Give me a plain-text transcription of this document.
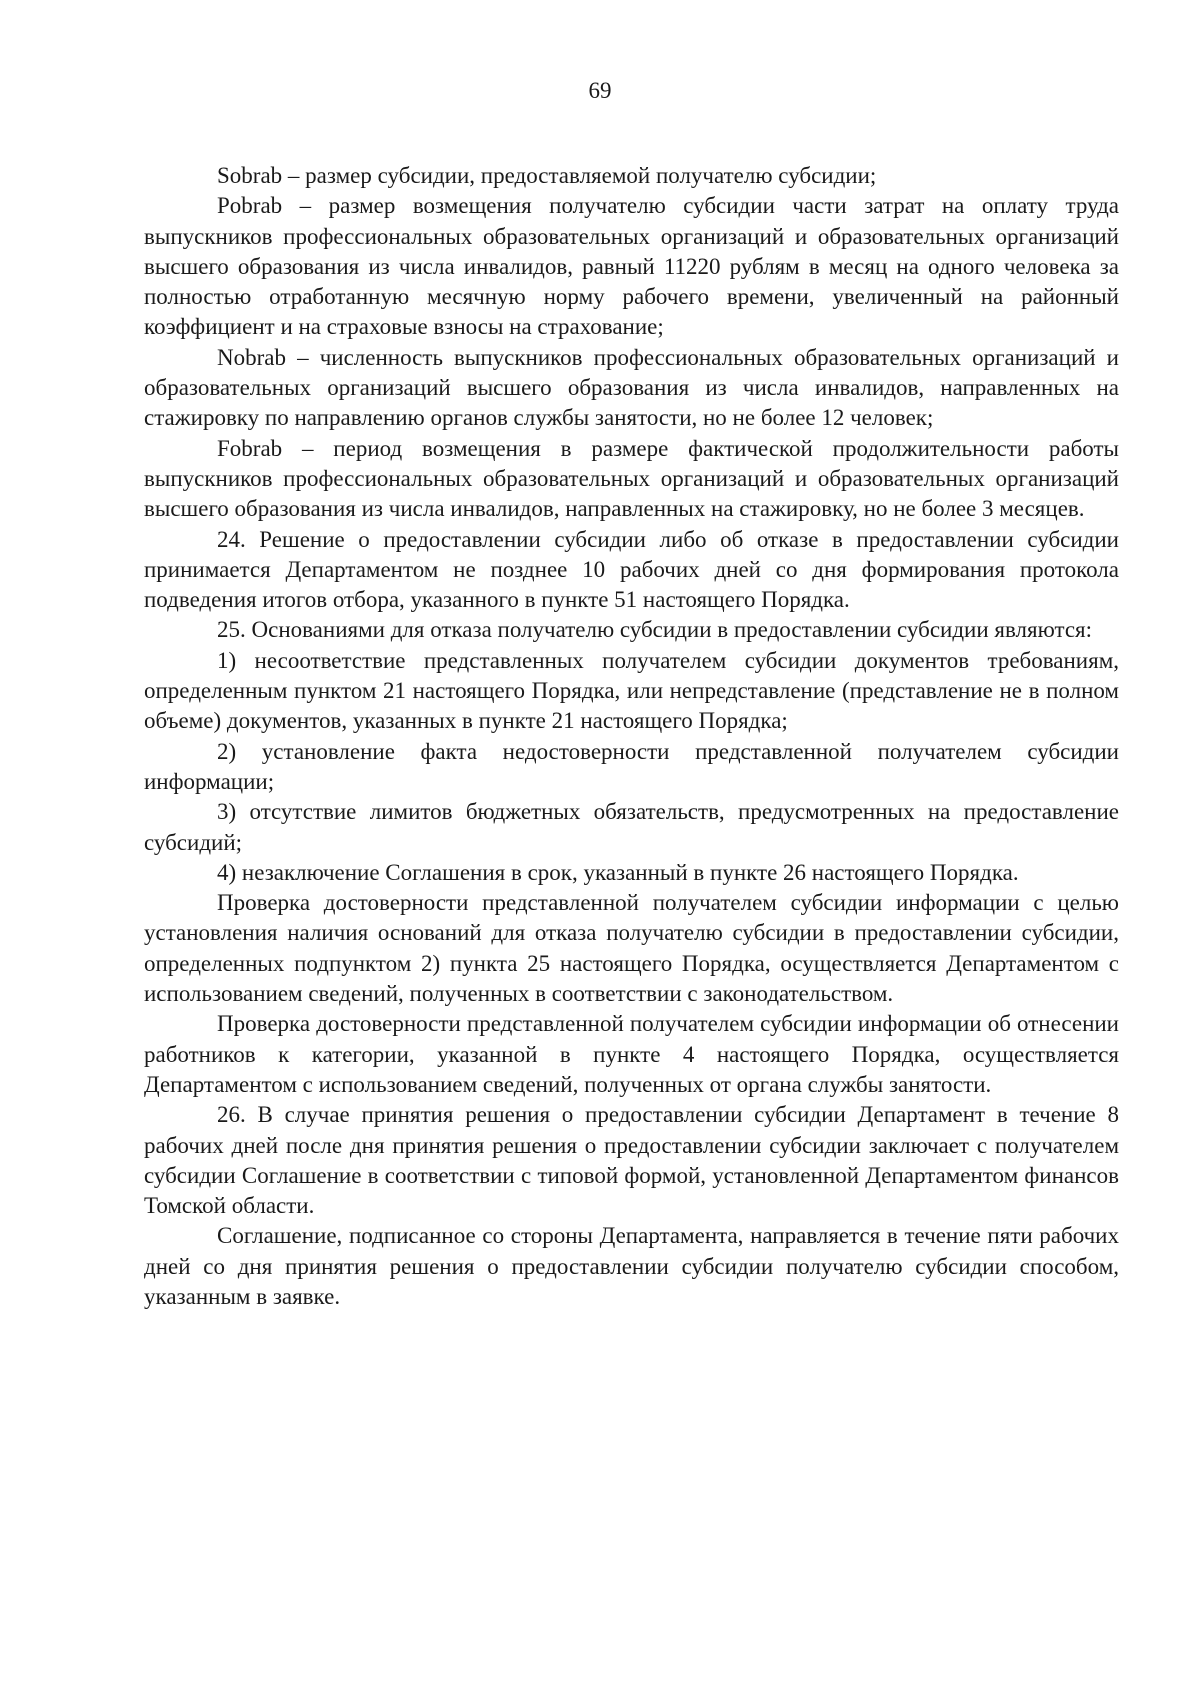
69

Sobrab – размер субсидии, предоставляемой получателю субсидии;

Pobrab – размер возмещения получателю субсидии части затрат на оплату труда выпускников профессиональных образовательных организаций и образовательных организаций высшего образования из числа инвалидов, равный 11220 рублям в месяц на одного человека за полностью отработанную месячную норму рабочего времени, увеличенный на районный коэффициент и на страховые взносы на страхование;

Nobrab – численность выпускников профессиональных образовательных организаций и образовательных организаций высшего образования из числа инвалидов, направленных на стажировку по направлению органов службы занятости, но не более 12 человек;

Fobrab – период возмещения в размере фактической продолжительности работы выпускников профессиональных образовательных организаций и образовательных организаций высшего образования из числа инвалидов, направленных на стажировку, но не более 3 месяцев.

24. Решение о предоставлении субсидии либо об отказе в предоставлении субсидии принимается Департаментом не позднее 10 рабочих дней со дня формирования протокола подведения итогов отбора, указанного в пункте 51 настоящего Порядка.

25. Основаниями для отказа получателю субсидии в предоставлении субсидии являются:

1) несоответствие представленных получателем субсидии документов требованиям, определенным пунктом 21 настоящего Порядка, или непредставление (представление не в полном объеме) документов, указанных в пункте 21 настоящего Порядка;

2) установление факта недостоверности представленной получателем субсидии информации;

3) отсутствие лимитов бюджетных обязательств, предусмотренных на предоставление субсидий;

4) незаключение Соглашения в срок, указанный в пункте 26 настоящего Порядка.

Проверка достоверности представленной получателем субсидии информации с целью установления наличия оснований для отказа получателю субсидии в предоставлении субсидии, определенных подпунктом 2) пункта 25 настоящего Порядка, осуществляется Департаментом с использованием сведений, полученных в соответствии с законодательством.

Проверка достоверности представленной получателем субсидии информации об отнесении работников к категории, указанной в пункте 4 настоящего Порядка, осуществляется Департаментом с использованием сведений, полученных от органа службы занятости.

26. В случае принятия решения о предоставлении субсидии Департамент в течение 8 рабочих дней после дня принятия решения о предоставлении субсидии заключает с получателем субсидии Соглашение в соответствии с типовой формой, установленной Департаментом финансов Томской области.

Соглашение, подписанное со стороны Департамента, направляется в течение пяти рабочих дней со дня принятия решения о предоставлении субсидии получателю субсидии способом, указанным в заявке.
